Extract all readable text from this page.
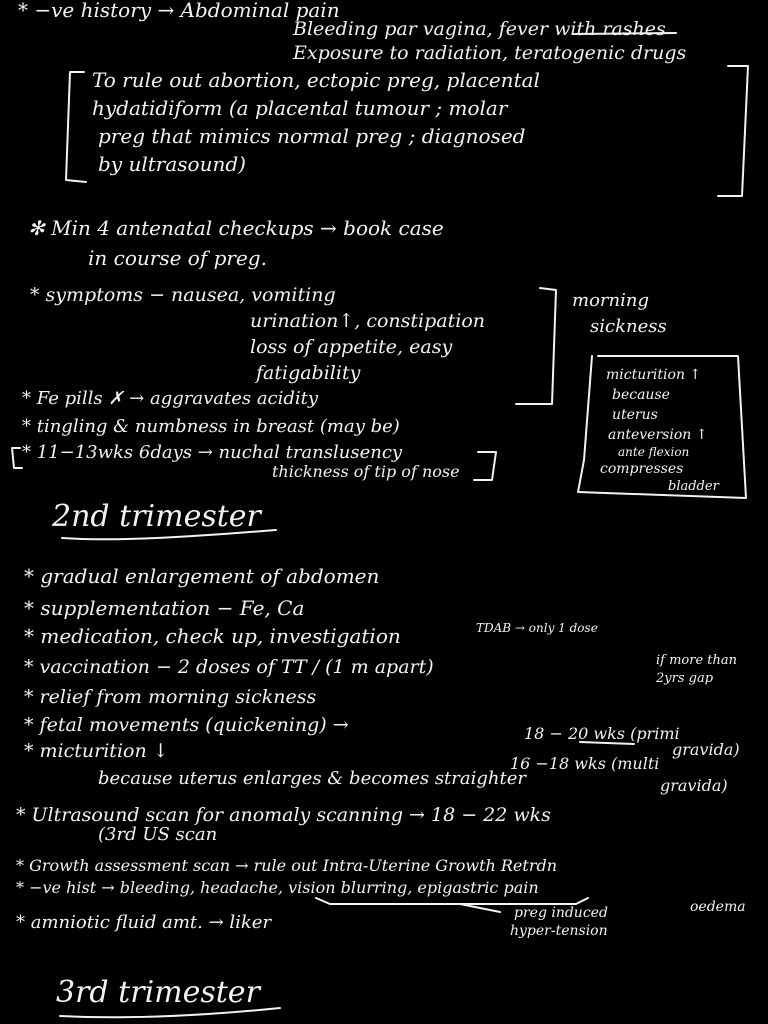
* −ve history → Abdominal pain
Bleeding par vagina, fever with rashes
Exposure to radiation, teratogenic drugs
To rule out abortion, ectopic preg, placental
hydatidiform (a placental tumour ; molar
preg that mimics normal preg ; diagnosed
by ultrasound)
✻ Min 4 antenatal checkups → book case
in course of preg.
* symptoms − nausea, vomiting
urination↑, constipation
loss of appetite, easy
fatigability
morning
sickness
micturition ↑
because
uterus
anteversion ↑
ante flexion
compresses
bladder
* Fe pills ✗ → aggravates acidity
* tingling & numbness in breast (may be)
* 11−13wks 6days → nuchal translusency
thickness of tip of nose
2nd trimester
* gradual enlargement of abdomen
* supplementation − Fe, Ca
* medication, check up, investigation	TDAB → only 1 dose
* vaccination − 2 doses of TT / (1 m apart)	if more than
2yrs gap
* relief from morning sickness
* fetal movements (quickening) →	18 − 20 wks (primi
gravida)
16 −18 wks (multi
gravida)
* micturition ↓
because uterus enlarges & becomes straighter
* Ultrasound scan for anomaly scanning → 18 − 22 wks
(3rd US scan
* Growth assessment scan → rule out Intra-Uterine Growth Retrdn
* −ve hist → bleeding, headache, vision blurring, epigastric pain
oedema
* amniotic fluid amt. → liker	preg induced
hyper-tension
3rd trimester
